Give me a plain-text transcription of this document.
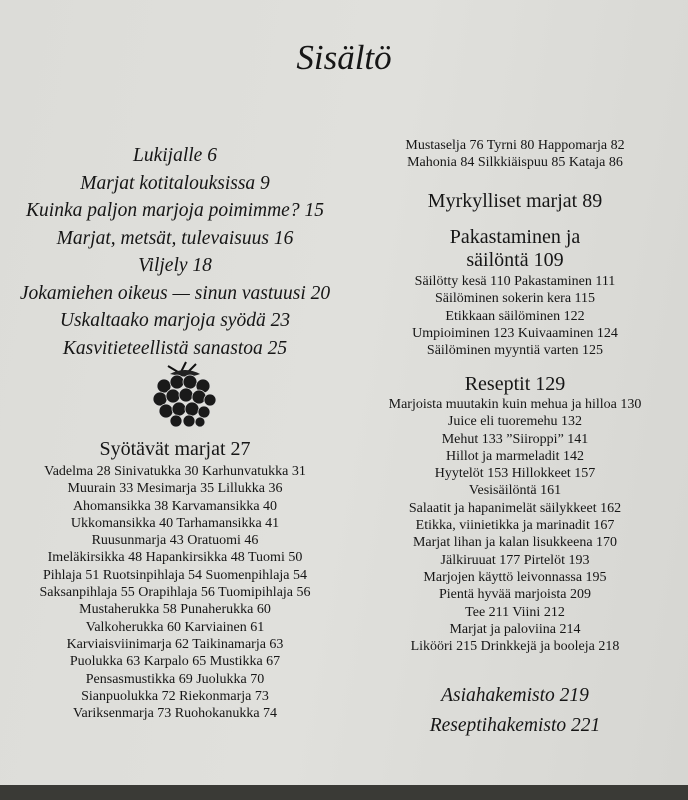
Sisältö
Lukijalle 6
Marjat kotitalouksissa 9
Kuinka paljon marjoja poimimme? 15
Marjat, metsät, tulevaisuus 16
Viljely 18
Jokamiehen oikeus — sinun vastuusi 20
Uskaltaako marjoja syödä 23
Kasvitieteellistä sanastoa 25
Syötävät marjat 27
Vadelma 28 Sinivatukka 30 Karhunvatukka 31
Muurain 33 Mesimarja 35 Lillukka 36
Ahomansikka 38 Karvamansikka 40
Ukkomansikka 40 Tarhamansikka 41
Ruusunmarja 43 Oratuomi 46
Imeläkirsikka 48 Hapankirsikka 48 Tuomi 50
Pihlaja 51 Ruotsinpihlaja 54 Suomenpihlaja 54
Saksanpihlaja 55 Orapihlaja 56 Tuomipihlaja 56
Mustaherukka 58 Punaherukka 60
Valkoherukka 60 Karviainen 61
Karviaisviinimarja 62 Taikinamarja 63
Puolukka 63 Karpalo 65 Mustikka 67
Pensasmustikka 69 Juolukka 70
Sianpuolukka 72 Riekonmarja 73
Variksenmarja 73 Ruohokanukka 74
Mustaselja 76 Tyrni 80 Happomarja 82
Mahonia 84 Silkkiäispuu 85 Kataja 86
Myrkylliset marjat 89
Pakastaminen ja
säilöntä 109
Säilötty kesä 110 Pakastaminen 111
Säilöminen sokerin kera 115
Etikkaan säilöminen 122
Umpioiminen 123 Kuivaaminen 124
Säilöminen myyntiä varten 125
Reseptit 129
Marjoista muutakin kuin mehua ja hilloa 130
Juice eli tuoremehu 132
Mehut 133 ”Siiroppi” 141
Hillot ja marmeladit 142
Hyytelöt 153 Hillokkeet 157
Vesisäilöntä 161
Salaatit ja hapanimelät säilykkeet 162
Etikka, viinietikka ja marinadit 167
Marjat lihan ja kalan lisukkeena 170
Jälkiruuat 177 Pirtelöt 193
Marjojen käyttö leivonnassa 195
Pientä hyvää marjoista 209
Tee 211 Viini 212
Marjat ja paloviina 214
Likööri 215 Drinkkejä ja booleja 218
Asiahakemisto 219
Reseptihakemisto 221
